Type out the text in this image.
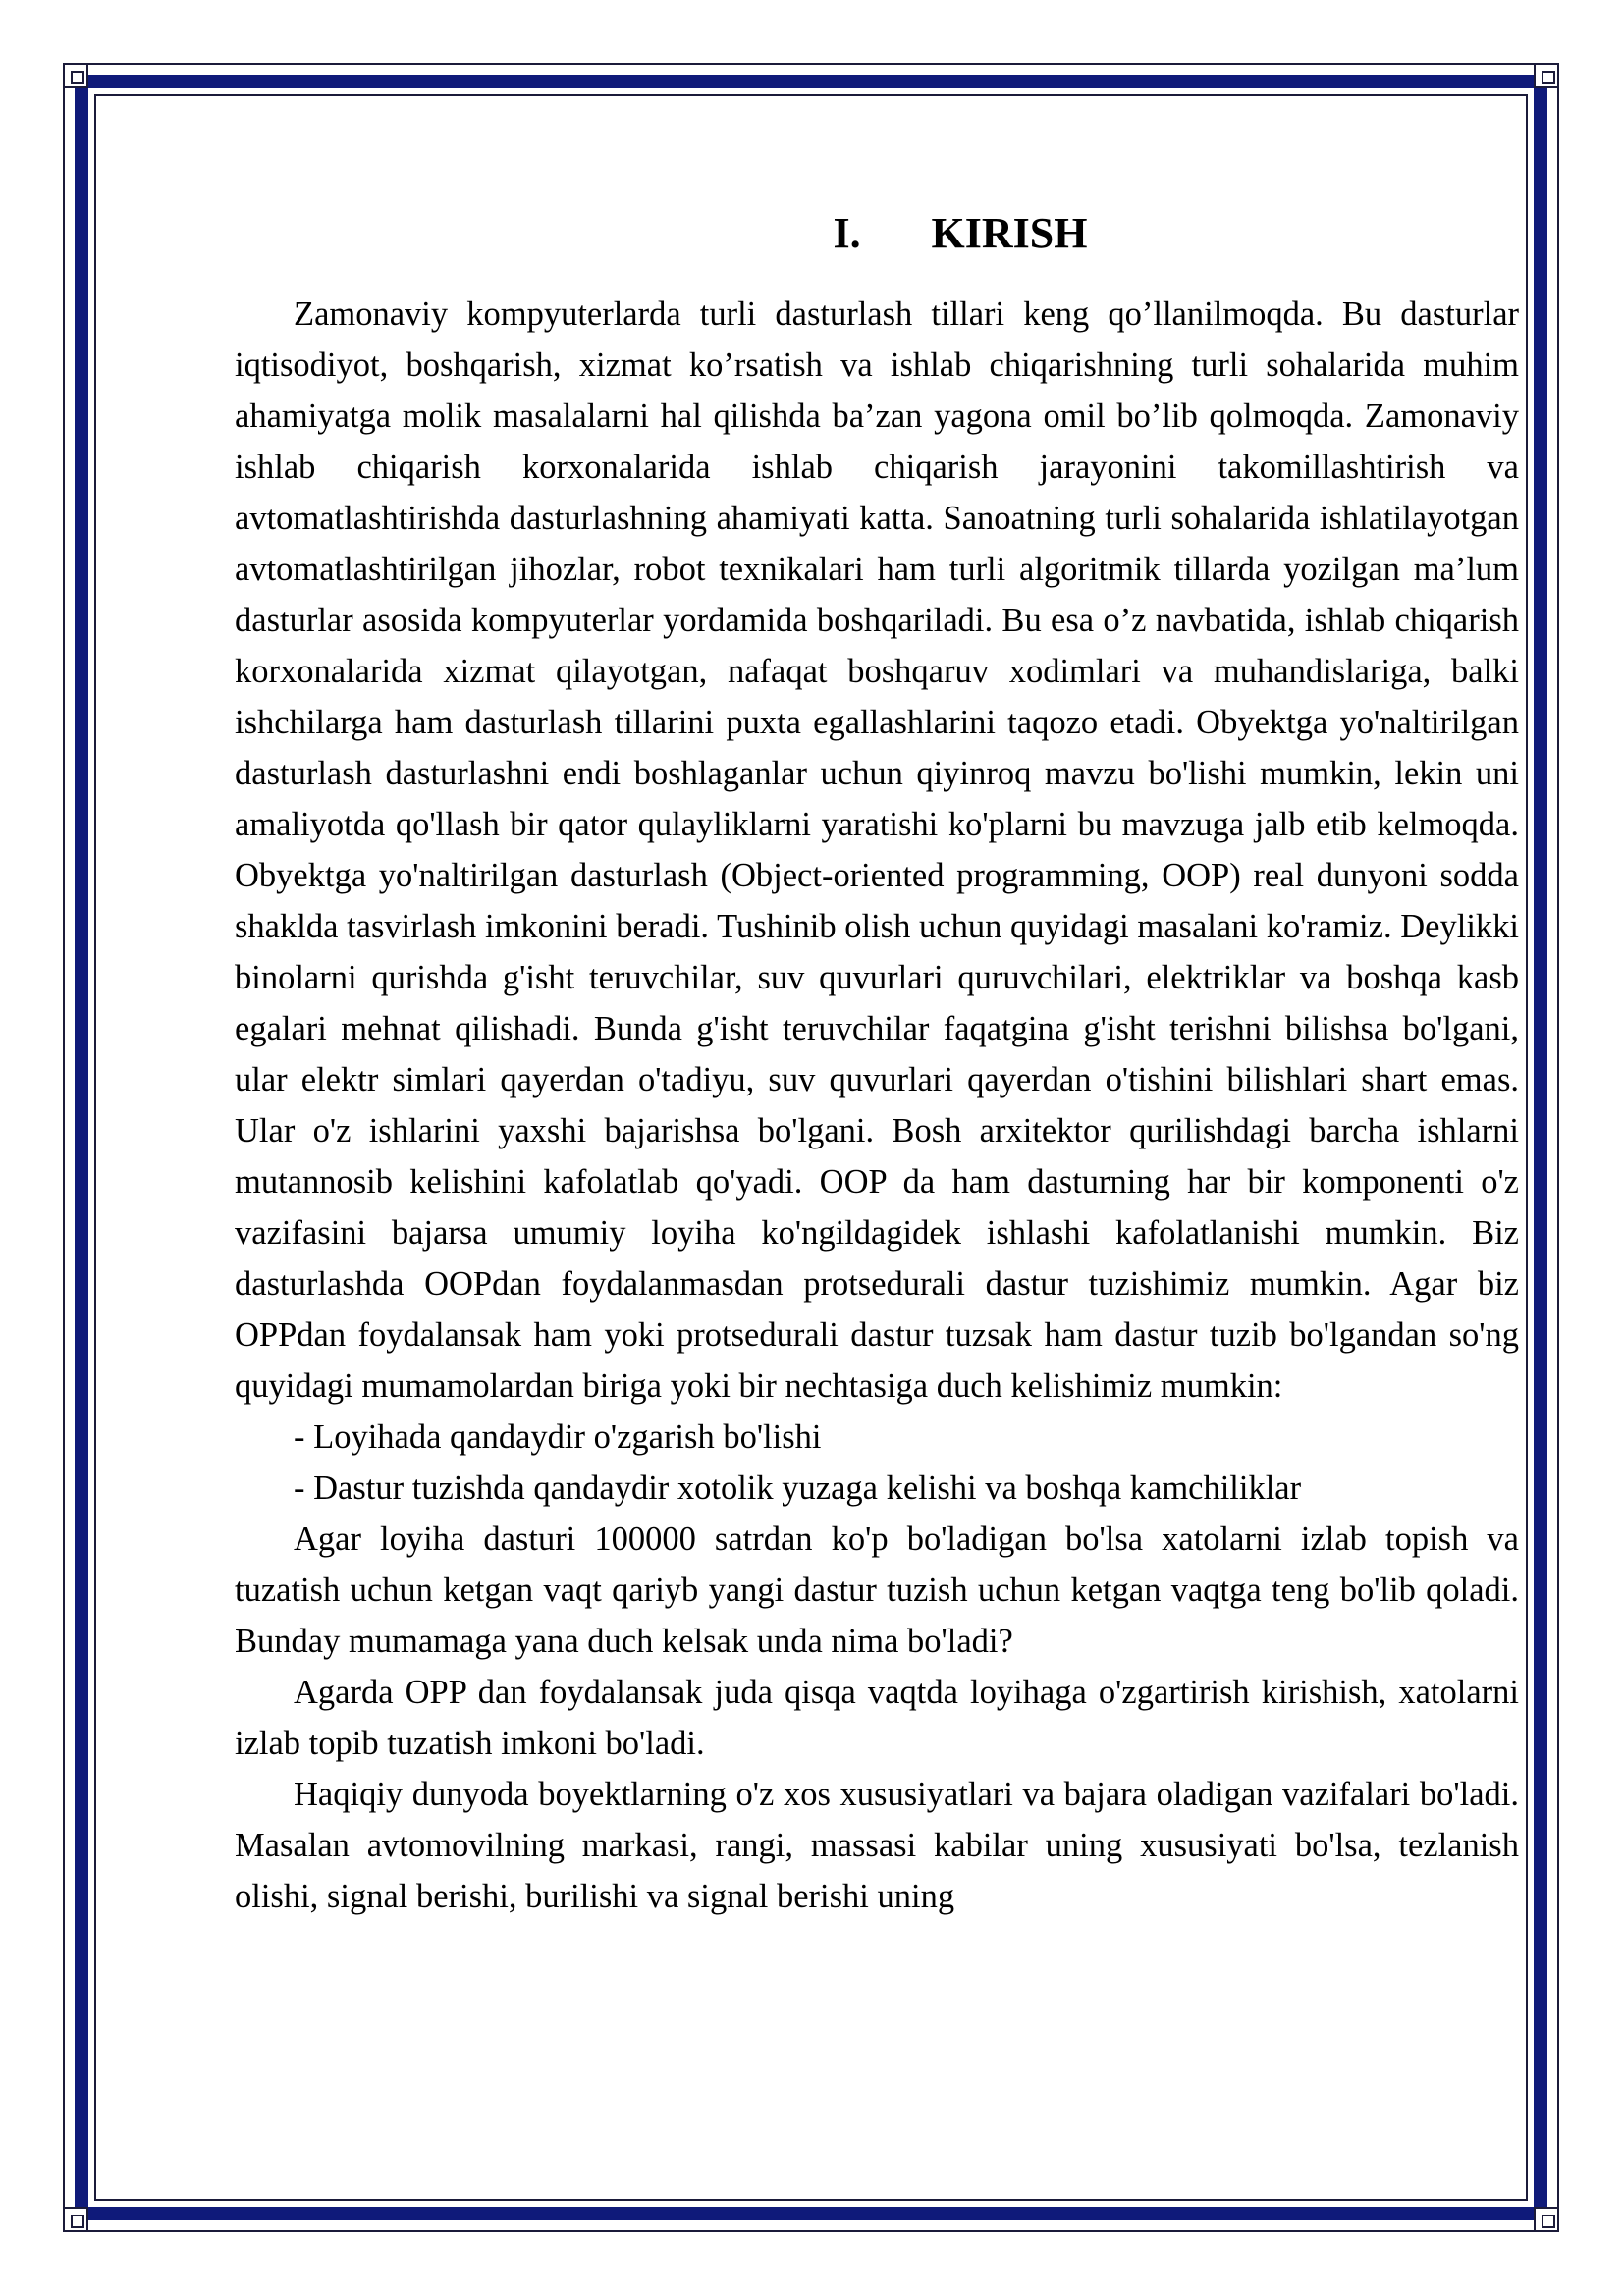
I. KIRISH

Zamonaviy kompyuterlarda turli dasturlash tillari keng qo’llanilmoqda. Bu dasturlar iqtisodiyot, boshqarish, xizmat ko’rsatish va ishlab chiqarishning turli sohalarida muhim ahamiyatga molik masalalarni hal qilishda ba’zan yagona omil bo’lib qolmoqda. Zamonaviy ishlab chiqarish korxonalarida ishlab chiqarish jarayonini takomillashtirish va avtomatlashtirishda dasturlashning ahamiyati katta. Sanoatning turli sohalarida ishlatilayotgan avtomatlashtirilgan jihozlar, robot texnikalari ham turli algoritmik tillarda yozilgan ma’lum dasturlar asosida kompyuterlar yordamida boshqariladi. Bu esa o’z navbatida, ishlab chiqarish korxonalarida xizmat qilayotgan, nafaqat boshqaruv xodimlari va muhandislariga, balki ishchilarga ham dasturlash tillarini puxta egallashlarini taqozo etadi. Obyektga yo'naltirilgan dasturlash dasturlashni endi boshlaganlar uchun qiyinroq mavzu bo'lishi mumkin, lekin uni amaliyotda qo'llash bir qator qulayliklarni yaratishi ko'plarni bu mavzuga jalb etib kelmoqda. Obyektga yo'naltirilgan dasturlash (Object-oriented programming, OOP) real dunyoni sodda shaklda tasvirlash imkonini beradi. Tushinib olish uchun quyidagi masalani ko'ramiz. Deylikki binolarni qurishda g'isht teruvchilar, suv quvurlari quruvchilari, elektriklar va boshqa kasb egalari mehnat qilishadi. Bunda g'isht teruvchilar faqatgina g'isht terishni bilishsa bo'lgani, ular elektr simlari qayerdan o'tadiyu, suv quvurlari qayerdan o'tishini bilishlari shart emas. Ular o'z ishlarini yaxshi bajarishsa bo'lgani. Bosh arxitektor qurilishdagi barcha ishlarni mutannosib kelishini kafolatlab qo'yadi. OOP da ham dasturning har bir komponenti o'z vazifasini bajarsa umumiy loyiha ko'ngildagidek ishlashi kafolatlanishi mumkin. Biz dasturlashda OOPdan foydalanmasdan protsedurali dastur tuzishimiz mumkin. Agar biz OPPdan foydalansak ham yoki protsedurali dastur tuzsak ham dastur tuzib bo'lgandan so'ng quyidagi mumamolardan biriga yoki bir nechtasiga duch kelishimiz mumkin:

- Loyihada qandaydir o'zgarish bo'lishi

- Dastur tuzishda qandaydir xotolik yuzaga kelishi va boshqa kamchiliklar

Agar loyiha dasturi 100000 satrdan ko'p bo'ladigan bo'lsa xatolarni izlab topish va tuzatish uchun ketgan vaqt qariyb yangi dastur tuzish uchun ketgan vaqtga teng bo'lib qoladi. Bunday mumamaga yana duch kelsak unda nima bo'ladi?

Agarda OPP dan foydalansak juda qisqa vaqtda loyihaga o'zgartirish kirishish, xatolarni izlab topib tuzatish imkoni bo'ladi.

Haqiqiy dunyoda boyektlarning o'z xos xususiyatlari va bajara oladigan vazifalari bo'ladi. Masalan avtomovilning markasi, rangi, massasi kabilar uning xususiyati bo'lsa, tezlanish olishi, signal berishi, burilishi va signal berishi uning
